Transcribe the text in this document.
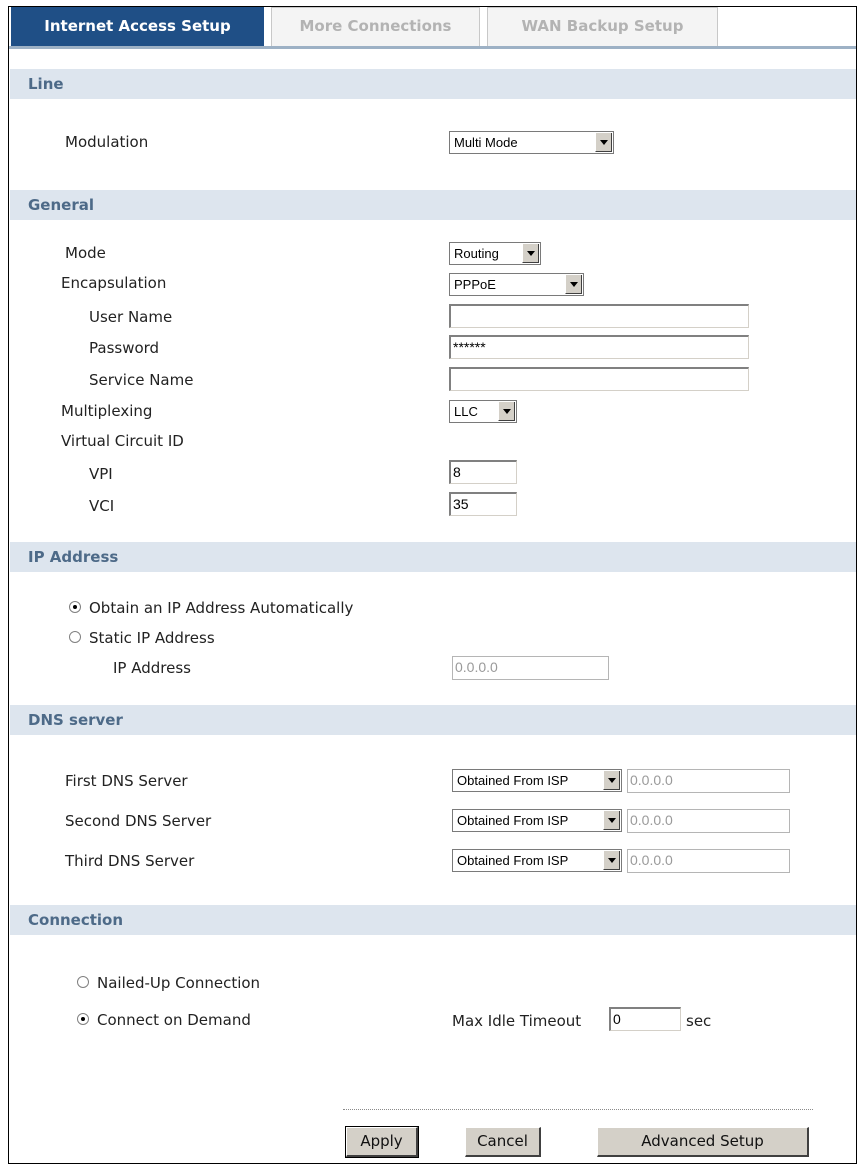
Internet Access Setup	More Connections	WAN Backup Setup
Line
Modulation	Multi Mode
General
Mode	Routing
Encapsulation	PPPoE
User Name
Password	******
Service Name
Multiplexing	LLC
Virtual Circuit ID
VPI	8
VCI	35
IP Address
Obtain an IP Address Automatically
Static IP Address
IP Address	0.0.0.0
DNS server
First DNS Server	Obtained From ISP	0.0.0.0
Second DNS Server	Obtained From ISP	0.0.0.0
Third DNS Server	Obtained From ISP	0.0.0.0
Connection
Nailed-Up Connection
Connect on Demand	Max Idle Timeout 0	sec
Apply	Cancel	Advanced Setup
